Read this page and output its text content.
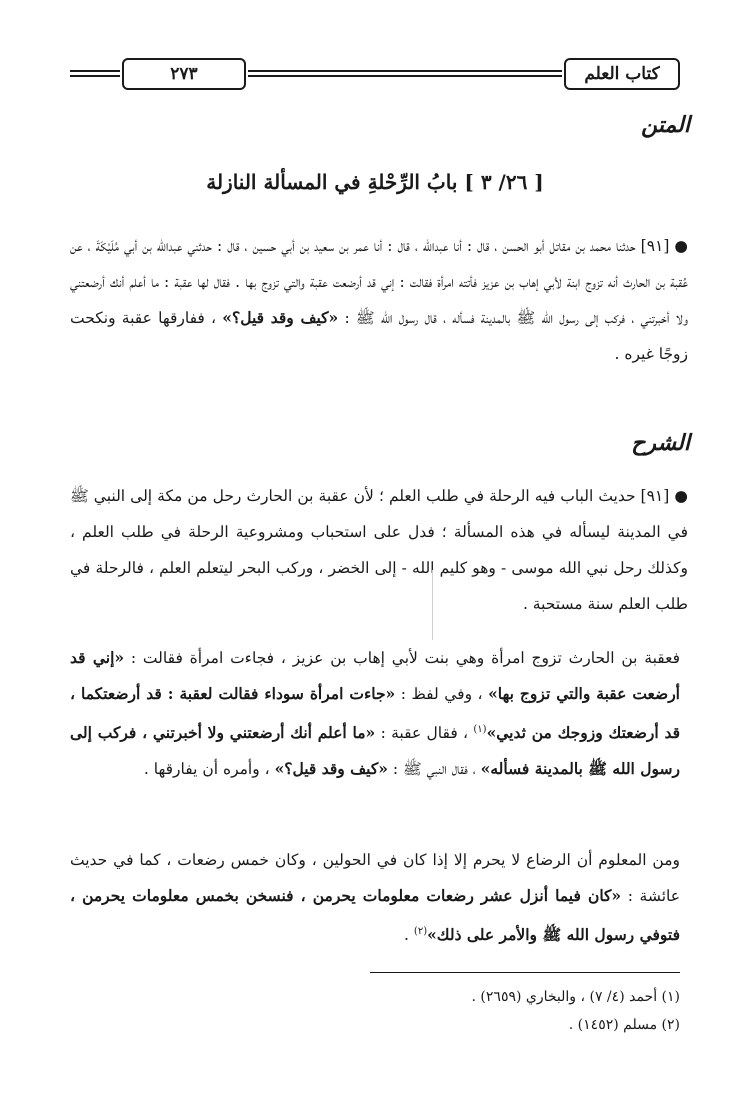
٢٧٣	كتاب العلم
المتن
[ ٢٦/ ٣ ] بابُ الرِّحْلةِ في المسألة النازلة
● [٩١] حدثنا محمد بن مقاتل أبو الحسن ، قال : أنا عبدالله ، قال : أنا عمر بن سعيد بن أبي حسين ، قال : حدثني عبدالله بن أبي مُلَيْكَةَ ، عن عُقبة بن الحارث أنه تزوج ابنة لأبي إهاب بن عزيز فأتته امرأة فقالت : إني قد أرضعت عقبة والتي تزوج بها . فقال لها عقبة : ما أعلم أنك أرضعتني ولا أخبرتني ، فركب إلى رسول الله ﷺ بالمدينة فسأله ، قال رسول الله ﷺ : «كيف وقد قيل؟» ، ففارقها عقبة ونكحت زوجًا غيره .
الشرح
● [٩١] حديث الباب فيه الرحلة في طلب العلم ؛ لأن عقبة بن الحارث رحل من مكة إلى النبي ﷺ في المدينة ليسأله في هذه المسألة ؛ فدل على استحباب ومشروعية الرحلة في طلب العلم ، وكذلك رحل نبي الله موسى - وهو كليم الله - إلى الخضر ، وركب البحر ليتعلم العلم ، فالرحلة في طلب العلم سنة مستحبة .
فعقبة بن الحارث تزوج امرأة وهي بنت لأبي إهاب بن عزيز ، فجاءت امرأة فقالت : «إني قد أرضعت عقبة والتي تزوج بها» ، وفي لفظ : «جاءت امرأة سوداء فقالت لعقبة : قد أرضعتكما ، قد أرضعتك وزوجك من ثديي»$^{(١)}$ ، فقال عقبة : «ما أعلم أنك أرضعتني ولا أخبرتني ، فركب إلى رسول الله ﷺ بالمدينة فسأله» ، فقال النبي ﷺ : «كيف وقد قيل؟» ، وأمره أن يفارقها .
ومن المعلوم أن الرضاع لا يحرم إلا إذا كان في الحولين ، وكان خمس رضعات ، كما في حديث عائشة : «كان فيما أنزل عشر رضعات معلومات يحرمن ، فنسخن بخمس معلومات يحرمن ، فتوفي رسول الله ﷺ والأمر على ذلك»$^{(٢)}$ .
(١) أحمد (٤/ ٧) ، والبخاري (٢٦٥٩) .
(٢) مسلم (١٤٥٢) .
